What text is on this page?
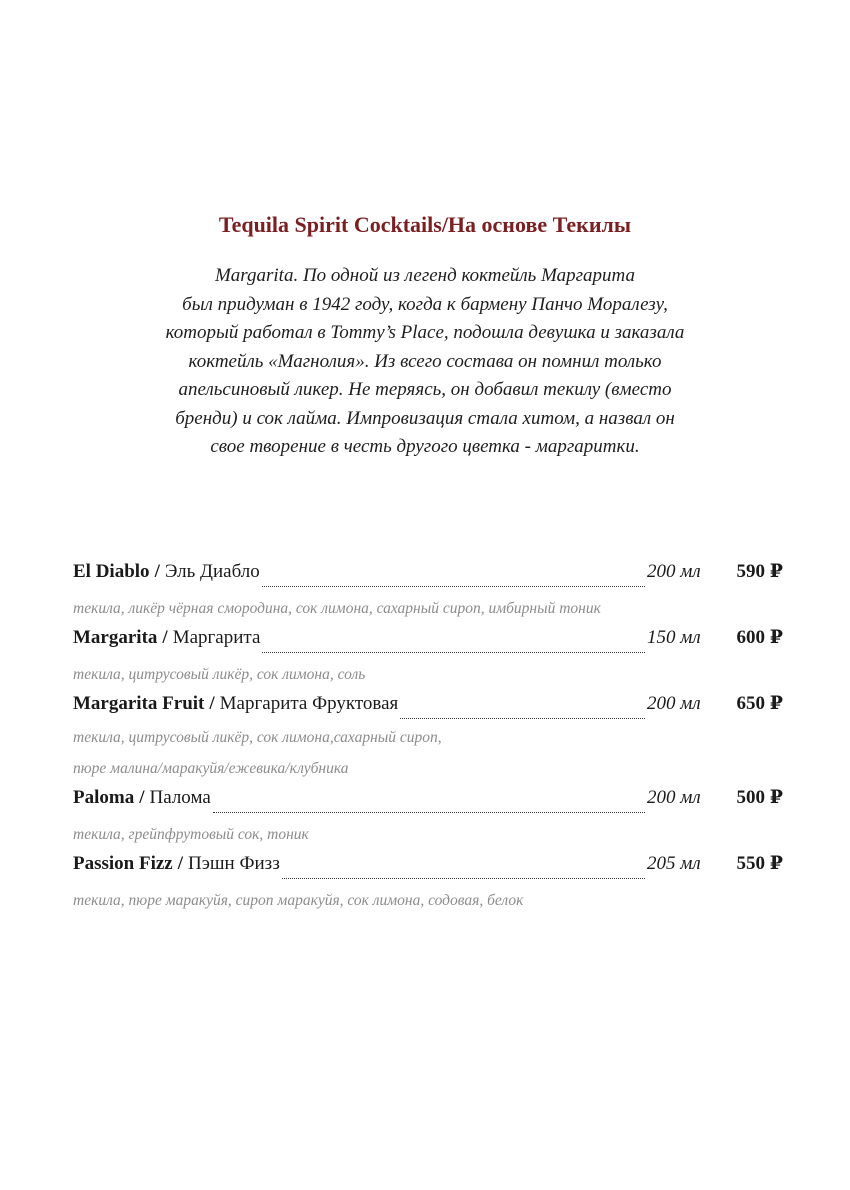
Tequila Spirit Cocktails/На основе Текилы
Margarita. По одной из легенд коктейль Маргарита
был придуман в 1942 году, когда к бармену Панчо Моралезу,
который работал в Tommy’s Place, подошла девушка и заказала
коктейль «Магнолия». Из всего состава он помнил только
апельсиновый ликер. Не теряясь, он добавил текилу (вместо
бренди) и сок лайма. Импровизация стала хитом, а назвал он
свое творение в честь другого цветка - маргаритки.
El Diablo / Эль Диабло	200 мл	590 ₽
текила, ликёр чёрная смородина, сок лимона, сахарный сироп, имбирный тоник
Margarita / Маргарита	150 мл	600 ₽
текила, цитрусовый ликёр, сок лимона, соль
Margarita Fruit / Маргарита Фруктовая	200 мл	650 ₽
текила, цитрусовый ликёр, сок лимона,сахарный сироп,
пюре малина/маракуйя/ежевика/клубника
Paloma / Палома	200 мл	500 ₽
текила, грейпфрутовый сок, тоник
Passion Fizz / Пэшн Физз	205 мл	550 ₽
текила, пюре маракуйя, сироп маракуйя, сок лимона, содовая, белок
